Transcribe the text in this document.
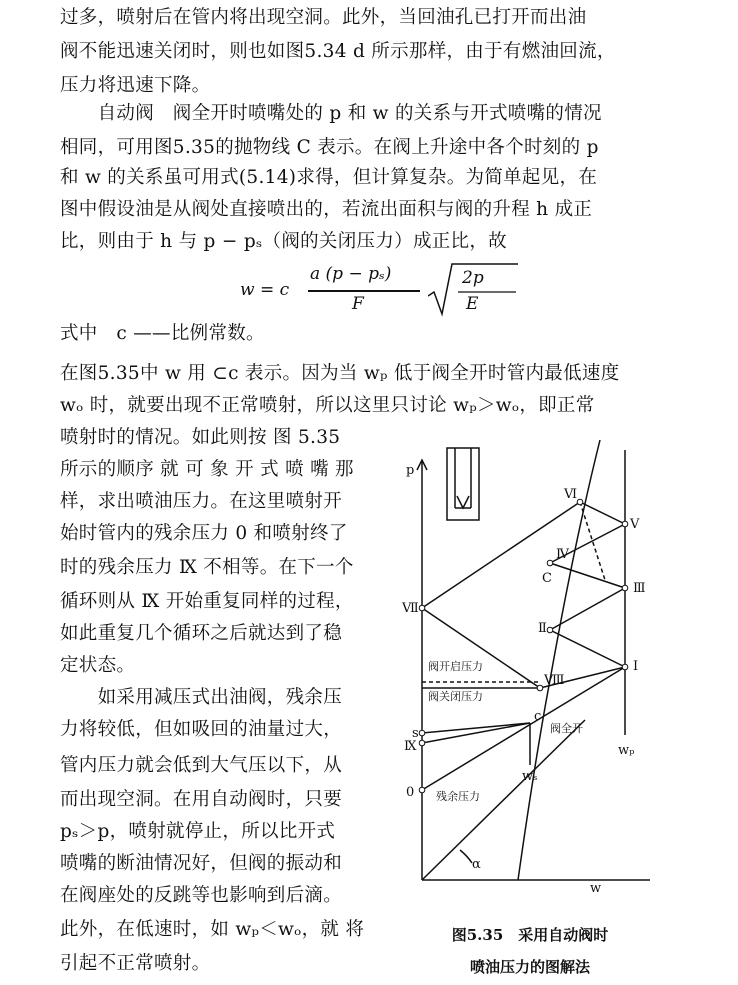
过多，喷射后在管内将出现空洞。此外，当回油孔已打开而出油
阀不能迅速关闭时，则也如图5.34 d 所示那样，由于有燃油回流，
压力将迅速下降。
　　自动阀　阀全开时喷嘴处的 p 和 w 的关系与开式喷嘴的情况
相同，可用图5.35的抛物线 C 表示。在阀上升途中各个时刻的 p
和 w 的关系虽可用式(5.14)求得，但计算复杂。为简单起见，在
图中假设油是从阀处直接喷出的，若流出面积与阀的升程 h 成正
比，则由于 h 与 p − pₛ（阀的关闭压力）成正比，故
w = c
a (p − pₛ)
F
2p
E
式中　c ——比例常数。
在图5.35中 w 用 ⊂c 表示。因为当 wₚ 低于阀全开时管内最低速度
wₒ 时，就要出现不正常喷射，所以这里只讨论 wₚ＞wₒ，即正常
喷射时的情况。如此则按 图 5.35
所示的顺序 就 可 象 开 式 喷 嘴 那
样，求出喷油压力。在这里喷射开
始时管内的残余压力 0 和喷射终了
时的残余压力 Ⅸ 不相等。在下一个
循环则从 Ⅸ 开始重复同样的过程，
如此重复几个循环之后就达到了稳
定状态。
　　如采用减压式出油阀，残余压
力将较低，但如吸回的油量过大，
管内压力就会低到大气压以下，从
而出现空洞。在用自动阀时，只要
pₛ＞p，喷射就停止，所以比开式
喷嘴的断油情况好，但阀的振动和
在阀座处的反跳等也影响到后滴。
此外，在低速时，如 wₚ＜wₒ，就 将
引起不正常喷射。
p
w
wₚ
Ⅰ
Ⅱ
Ⅲ
Ⅳ
Ⅴ
Ⅵ
Ⅶ
Ⅷ
Ⅸ
C
c
s
0
wₛ
α
阀开启压力
阀关闭压力
阀全开
残余压力
图5.35　采用自动阀时
喷油压力的图解法
